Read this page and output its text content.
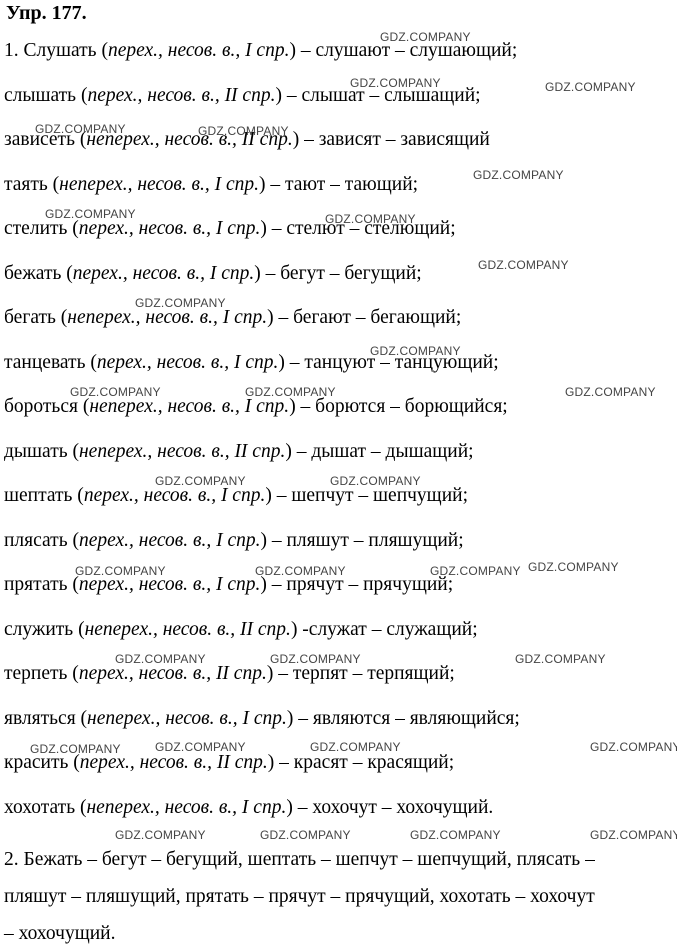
Упр. 177.
1. Слушать (перех., несов. в., I спр.) – слушают – слушающий;
слышать (перех., несов. в., II спр.) – слышат – слышащий;
зависеть (неперех., несов. в., II спр.) – зависят – зависящий
таять (неперех., несов. в., I спр.) – тают – тающий;
стелить (перех., несов. в., I спр.) – стелют – стелющий;
бежать (перех., несов. в., I спр.) – бегут – бегущий;
бегать (неперех., несов. в., I спр.) – бегают – бегающий;
танцевать (перех., несов. в., I спр.) – танцуют – танцующий;
бороться (неперех., несов. в., I спр.) – борются – борющийся;
дышать (неперех., несов. в., II спр.) – дышат – дышащий;
шептать (перех., несов. в., I спр.) – шепчут – шепчущий;
плясать (перех., несов. в., I спр.) – пляшут – пляшущий;
прятать (перех., несов. в., I спр.) – прячут – прячущий;
служить (неперех., несов. в., II спр.) -служат – служащий;
терпеть (перех., несов. в., II спр.) – терпят – терпящий;
являться (неперех., несов. в., I спр.) – являются – являющийся;
красить (перех., несов. в., II спр.) – красят – красящий;
хохотать (неперех., несов. в., I спр.) – хохочут – хохочущий.
2. Бежать – бегут – бегущий, шептать – шепчут – шепчущий, плясать –
пляшут – пляшущий, прятать – прячут – прячущий, хохотать – хохочут
– хохочущий.
GDZ.COMPANY
GDZ.COMPANY
GDZ.COMPANY
GDZ.COMPANY
GDZ.COMPANY
GDZ.COMPANY
GDZ.COMPANY
GDZ.COMPANY
GDZ.COMPANY
GDZ.COMPANY
GDZ.COMPANY
GDZ.COMPANY
GDZ.COMPANY
GDZ.COMPANY
GDZ.COMPANY
GDZ.COMPANY
GDZ.COMPANY
GDZ.COMPANY
GDZ.COMPANY
GDZ.COMPANY
GDZ.COMPANY
GDZ.COMPANY
GDZ.COMPANY
GDZ.COMPANY
GDZ.COMPANY
GDZ.COMPANY
GDZ.COMPANY
GDZ.COMPANY
GDZ.COMPANY
GDZ.COMPANY
GDZ.COMPANY
